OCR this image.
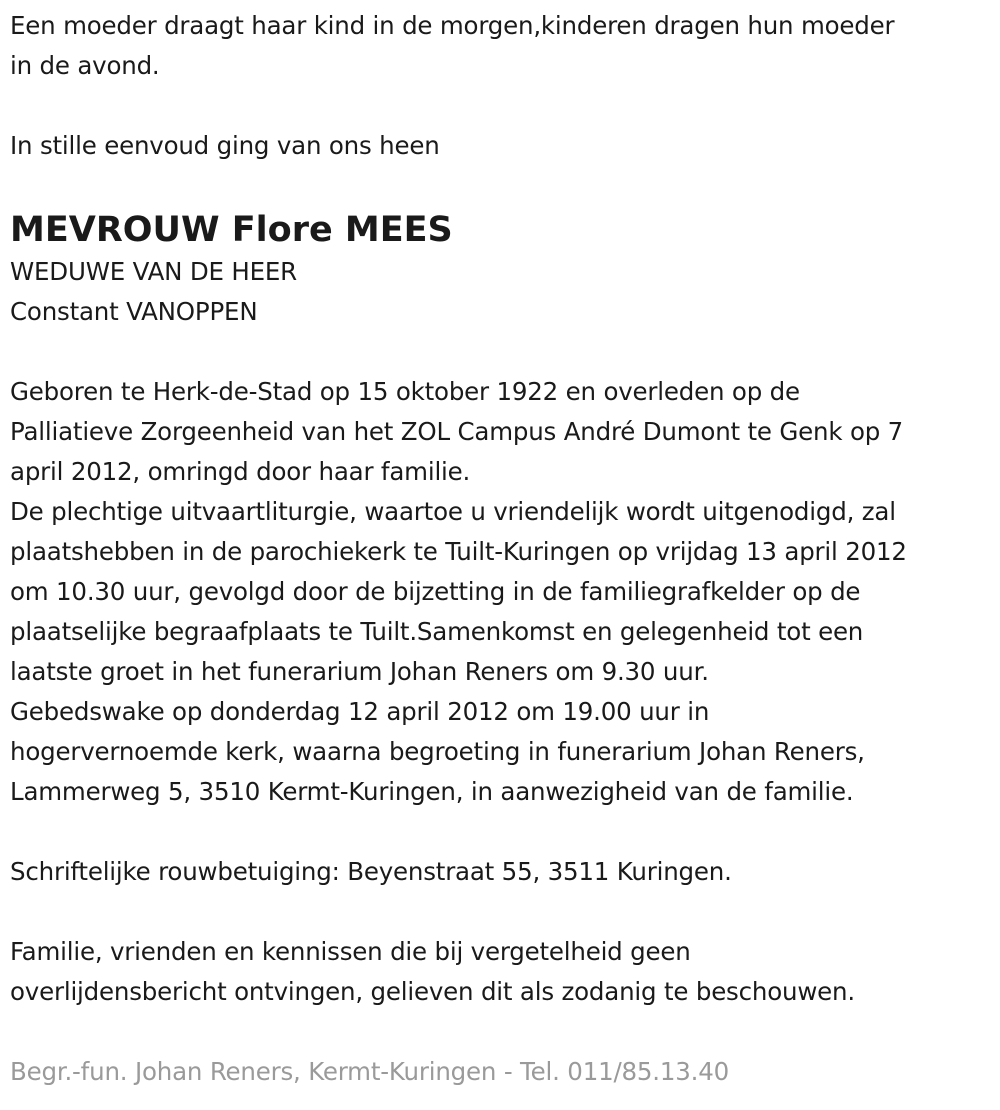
Een moeder draagt haar kind in de morgen,kinderen dragen hun moeder
in de avond.
In stille eenvoud ging van ons heen
MEVROUW Flore MEES
WEDUWE VAN DE HEER
Constant VANOPPEN
Geboren te Herk-de-Stad op 15 oktober 1922 en overleden op de
Palliatieve Zorgeenheid van het ZOL Campus André Dumont te Genk op 7
april 2012, omringd door haar familie.
De plechtige uitvaartliturgie, waartoe u vriendelijk wordt uitgenodigd, zal
plaatshebben in de parochiekerk te Tuilt-Kuringen op vrijdag 13 april 2012
om 10.30 uur, gevolgd door de bijzetting in de familiegrafkelder op de
plaatselijke begraafplaats te Tuilt.Samenkomst en gelegenheid tot een
laatste groet in het funerarium Johan Reners om 9.30 uur.
Gebedswake op donderdag 12 april 2012 om 19.00 uur in
hogervernoemde kerk, waarna begroeting in funerarium Johan Reners,
Lammerweg 5, 3510 Kermt-Kuringen, in aanwezigheid van de familie.
Schriftelijke rouwbetuiging: Beyenstraat 55, 3511 Kuringen.
Familie, vrienden en kennissen die bij vergetelheid geen
overlijdensbericht ontvingen, gelieven dit als zodanig te beschouwen.
Begr.-fun. Johan Reners, Kermt-Kuringen - Tel. 011/85.13.40
